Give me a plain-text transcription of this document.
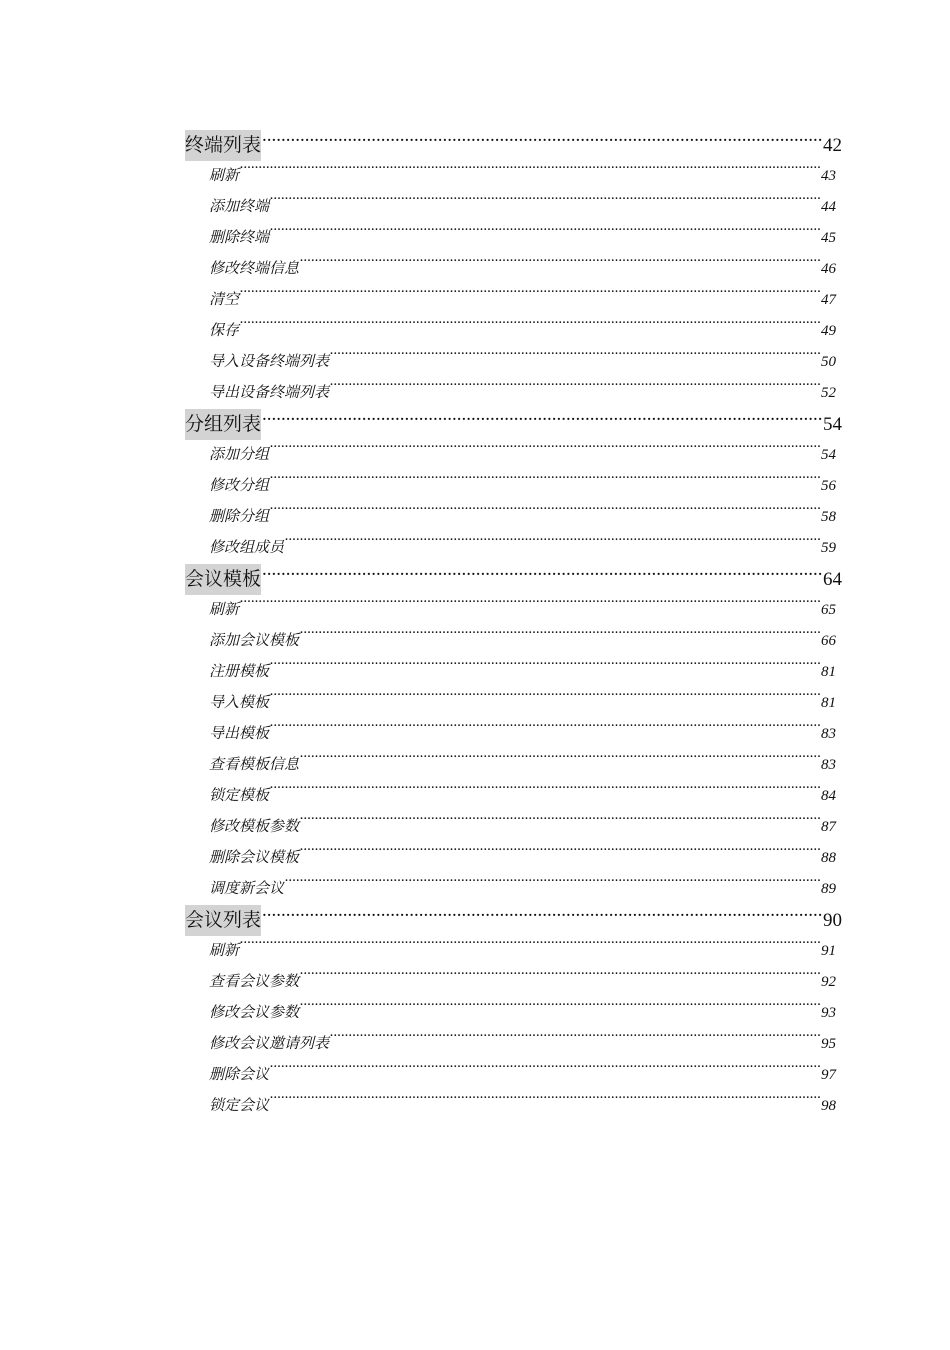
终端列表 .....	42
刷新 .....	43
添加终端 .....	44
删除终端 .....	45
修改终端信息 .....	46
清空 .....	47
保存 .....	49
导入设备终端列表 .....	50
导出设备终端列表 .....	52
分组列表 .....	54
添加分组 .....	54
修改分组 .....	56
删除分组 .....	58
修改组成员 .....	59
会议模板 .....	64
刷新 .....	65
添加会议模板 .....	66
注册模板 .....	81
导入模板 .....	81
导出模板 .....	83
查看模板信息 .....	83
锁定模板 .....	84
修改模板参数 .....	87
删除会议模板 .....	88
调度新会议 .....	89
会议列表 .....	90
刷新 .....	91
查看会议参数 .....	92
修改会议参数 .....	93
修改会议邀请列表 .....	95
删除会议 .....	97
锁定会议 .....	98
